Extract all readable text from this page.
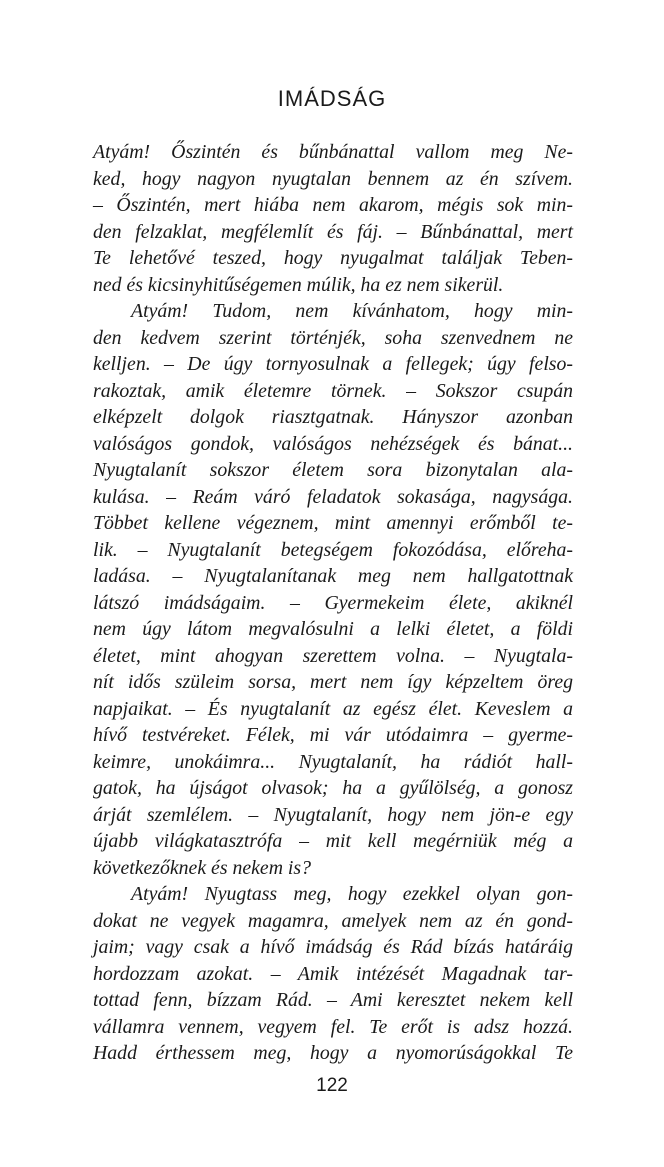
IMÁDSÁG

Atyám! Őszintén és bűnbánattal vallom meg Ne-
ked, hogy nagyon nyugtalan bennem az én szívem.
– Őszintén, mert hiába nem akarom, mégis sok min-
den felzaklat, megfélemlít és fáj. – Bűnbánattal, mert
Te lehetővé teszed, hogy nyugalmat találjak Teben-
ned és kicsinyhitűségemen múlik, ha ez nem sikerül.

Atyám! Tudom, nem kívánhatom, hogy min-
den kedvem szerint történjék, soha szenvednem ne
kelljen. – De úgy tornyosulnak a fellegek; úgy felso-
rakoztak, amik életemre törnek. – Sokszor csupán
elképzelt dolgok riasztgatnak. Hányszor azonban
valóságos gondok, valóságos nehézségek és bánat...
Nyugtalanít sokszor életem sora bizonytalan ala-
kulása. – Reám váró feladatok sokasága, nagysága.
Többet kellene végeznem, mint amennyi erőmből te-
lik. – Nyugtalanít betegségem fokozódása, előreha-
ladása. – Nyugtalanítanak meg nem hallgatottnak
látszó imádságaim. – Gyermekeim élete, akiknél
nem úgy látom megvalósulni a lelki életet, a földi
életet, mint ahogyan szerettem volna. – Nyugtala-
nít idős szüleim sorsa, mert nem így képzeltem öreg
napjaikat. – És nyugtalanít az egész élet. Keveslem a
hívő testvéreket. Félek, mi vár utódaimra – gyerme-
keimre, unokáimra... Nyugtalanít, ha rádiót hall-
gatok, ha újságot olvasok; ha a gyűlölség, a gonosz
árját szemlélem. – Nyugtalanít, hogy nem jön-e egy
újabb világkatasztrófa – mit kell megérniük még a
következőknek és nekem is?

Atyám! Nyugtass meg, hogy ezekkel olyan gon-
dokat ne vegyek magamra, amelyek nem az én gond-
jaim; vagy csak a hívő imádság és Rád bízás határáig
hordozzam azokat. – Amik intézését Magadnak tar-
tottad fenn, bízzam Rád. – Ami keresztet nekem kell
vállamra vennem, vegyem fel. Te erőt is adsz hozzá.
Hadd érthessem meg, hogy a nyomorúságokkal Te

122
